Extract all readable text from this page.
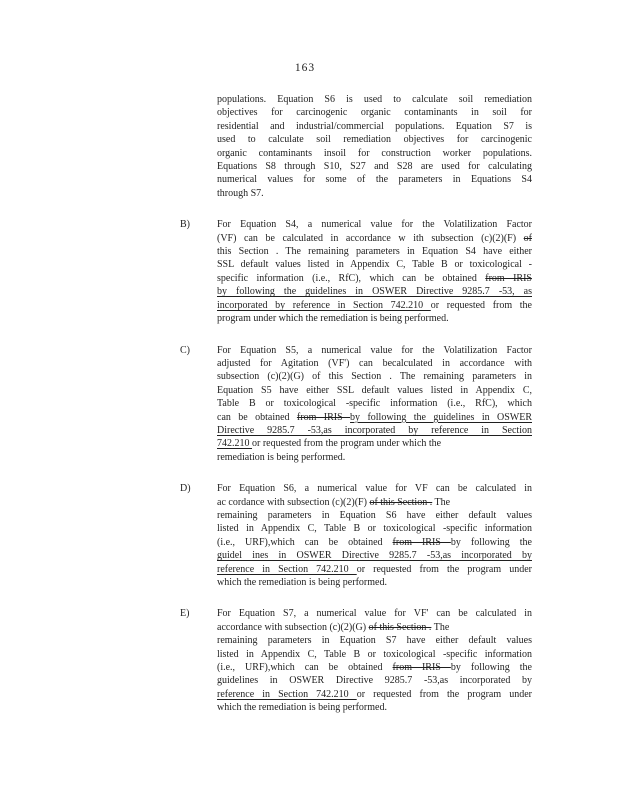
163
populations. Equation S6 is used to calculate soil remediation
objectives for carcinogenic organic contaminants in soil for
residential and industrial/commercial populations. Equation S7 is
used to calculate soil remediation objectives for carcinogenic
organic contaminants insoil for construction worker populations.
Equations S8 through S10, S27 and S28 are used for calculating
numerical values for some of the parameters in Equations S4
through S7.
B)	For Equation S4, a numerical value for the Volatilization Factor
(VF) can be calculated in accordance w ith subsection (c)(2)(F) of
this Section . The remaining parameters in Equation S4 have either
SSL default values listed in Appendix C, Table B or toxicological -
specific information (i.e., RfC), which can be obtained from IRIS
by following the guidelines in OSWER Directive 9285.7 -53, as
incorporated by reference in Section 742.210 or requested from the
program under which the remediation is being performed.
C)	For Equation S5, a numerical value for the Volatilization Factor
adjusted for Agitation (VF') can becalculated in accordance with
subsection (c)(2)(G) of this Section . The remaining parameters in
Equation S5 have either SSL default values listed in Appendix C,
Table B or toxicological -specific information (i.e., RfC), which
can be obtained from IRIS by following the guidelines in OSWER
Directive 9285.7 -53,as incorporated by reference in Section
742.210 or requested from the program under which the
remediation is being performed.
D)	For Equation S6, a numerical value for VF can be calculated in
ac cordance with subsection (c)(2)(F) of this Section . The
remaining parameters in Equation S6 have either default values
listed in Appendix C, Table B or toxicological -specific information
(i.e., URF),which can be obtained from IRIS by following the
guidel ines in OSWER Directive 9285.7 -53,as incorporated by
reference in Section 742.210 or requested from the program under
which the remediation is being performed.
E)	For Equation S7, a numerical value for VF' can be calculated in
accordance with subsection (c)(2)(G) of this Section . The
remaining parameters in Equation S7 have either default values
listed in Appendix C, Table B or toxicological -specific information
(i.e., URF),which can be obtained from IRIS by following the
guidelines in OSWER Directive 9285.7 -53,as incorporated by
reference in Section 742.210 or requested from the program under
which the remediation is being performed.
